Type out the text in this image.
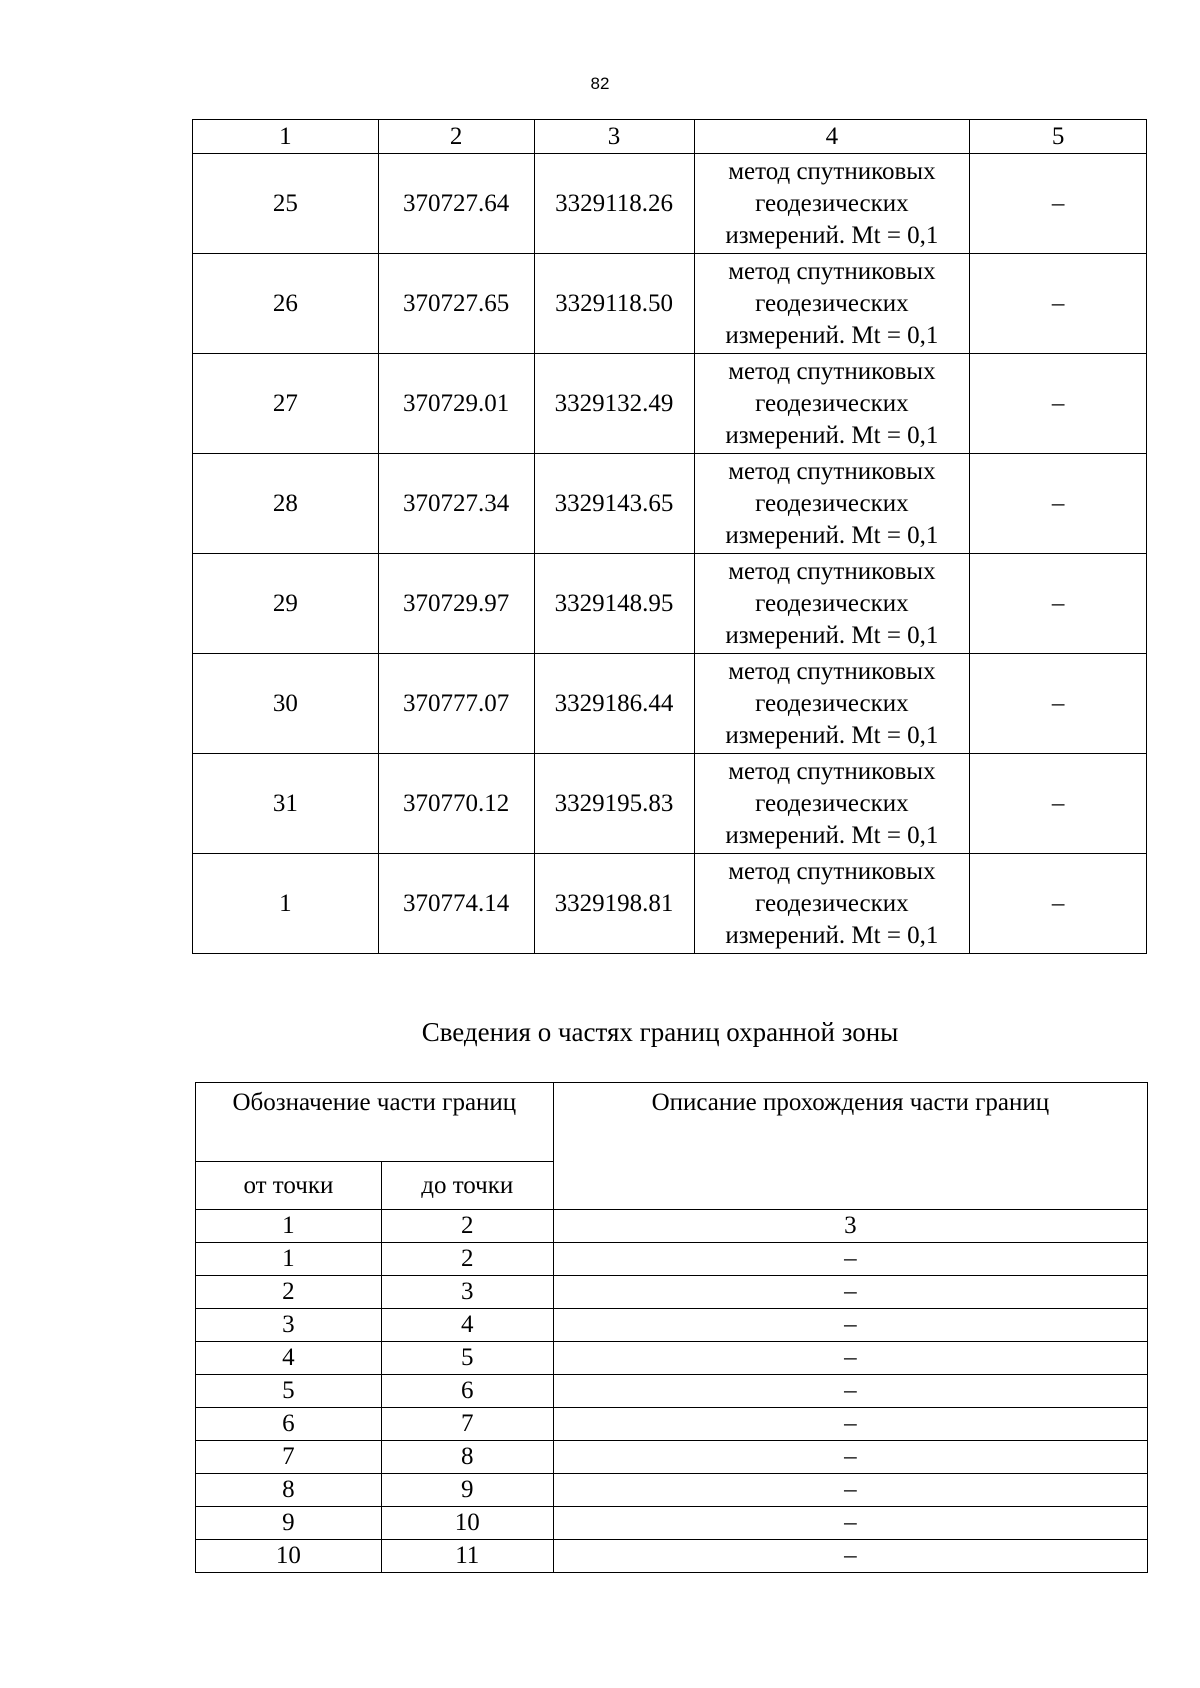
82
1	2	3	4	5
25	370727.64	3329118.26	метод спутниковых
геодезических
измерений. Mt = 0,1	–
26	370727.65	3329118.50	метод спутниковых
геодезических
измерений. Mt = 0,1	–
27	370729.01	3329132.49	метод спутниковых
геодезических
измерений. Mt = 0,1	–
28	370727.34	3329143.65	метод спутниковых
геодезических
измерений. Mt = 0,1	–
29	370729.97	3329148.95	метод спутниковых
геодезических
измерений. Mt = 0,1	–
30	370777.07	3329186.44	метод спутниковых
геодезических
измерений. Mt = 0,1	–
31	370770.12	3329195.83	метод спутниковых
геодезических
измерений. Mt = 0,1	–
1	370774.14	3329198.81	метод спутниковых
геодезических
измерений. Mt = 0,1	–
Сведения о частях границ охранной зоны
Обозначение части границ		Описание прохождения части границ
от точки	до точки	
1	2	3
1	2	–
2	3	–
3	4	–
4	5	–
5	6	–
6	7	–
7	8	–
8	9	–
9	10	–
10	11	–
